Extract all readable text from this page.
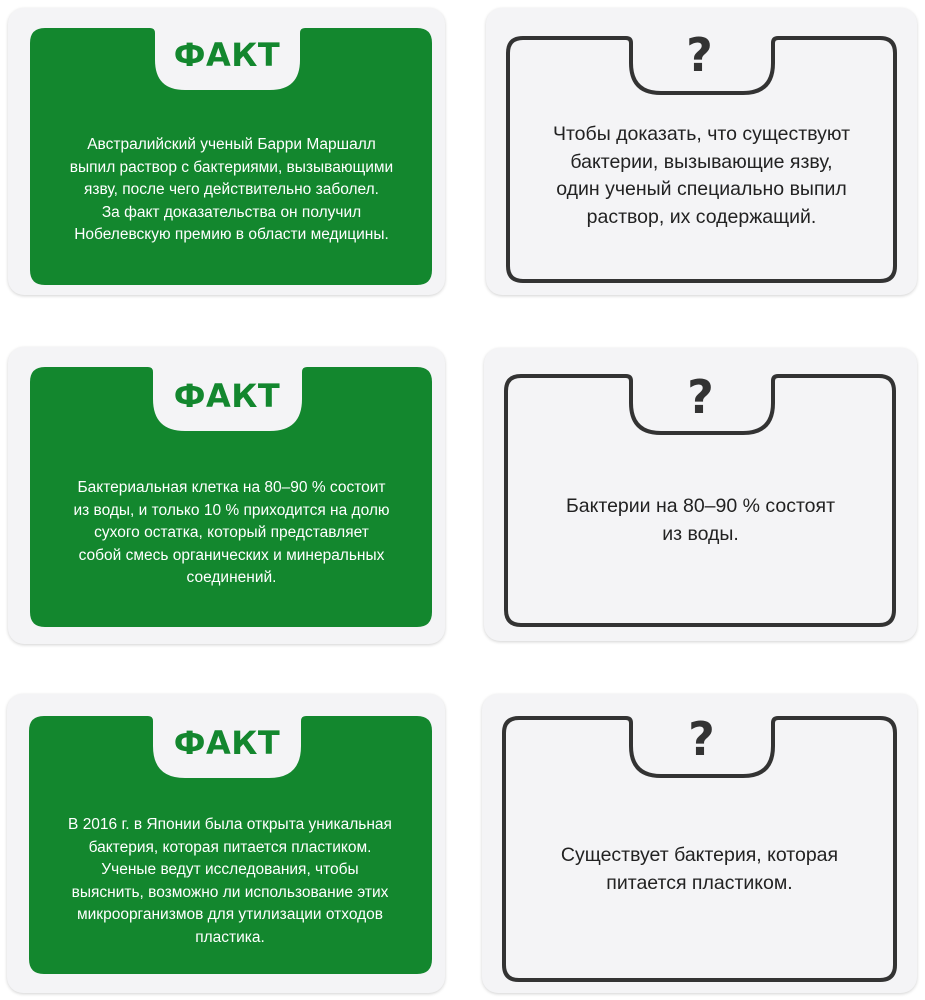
ФАКТ
Австралийский ученый Барри Маршалл
выпил раствор с бактериями, вызывающими
язву, после чего действительно заболел.
За факт доказательства он получил
Нобелевскую премию в области медицины.
?
Чтобы доказать, что существуют
бактерии, вызывающие язву,
один ученый специально выпил
раствор, их содержащий.
ФАКТ
Бактериальная клетка на 80–90 % состоит
из воды, и только 10 % приходится на долю
сухого остатка, который представляет
собой смесь органических и минеральных
соединений.
?
Бактерии на 80–90 % состоят
из воды.
ФАКТ
В 2016 г. в Японии была открыта уникальная
бактерия, которая питается пластиком.
Ученые ведут исследования, чтобы
выяснить, возможно ли использование этих
микроорганизмов для утилизации отходов
пластика.
?
Существует бактерия, которая
питается пластиком.
